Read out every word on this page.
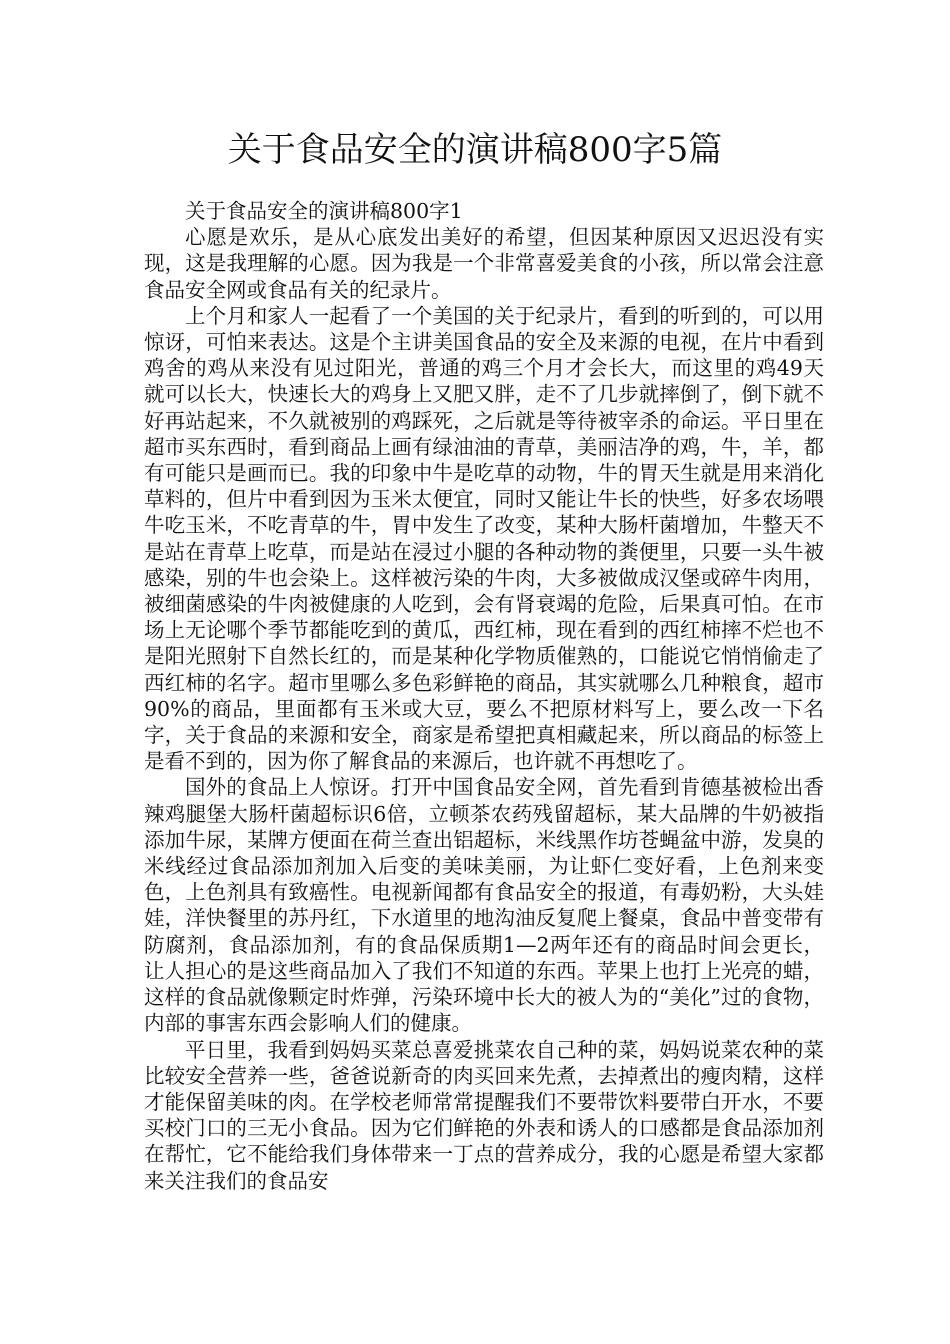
关于食品安全的演讲稿800字5篇

关于食品安全的演讲稿800字1

心愿是欢乐，是从心底发出美好的希望，但因某种原因又迟迟没有实现，这是我理解的心愿。因为我是一个非常喜爱美食的小孩，所以常会注意食品安全网或食品有关的纪录片。

上个月和家人一起看了一个美国的关于纪录片，看到的听到的，可以用惊讶，可怕来表达。这是个主讲美国食品的安全及来源的电视，在片中看到鸡舍的鸡从来没有见过阳光，普通的鸡三个月才会长大，而这里的鸡49天就可以长大，快速长大的鸡身上又肥又胖，走不了几步就摔倒了，倒下就不好再站起来，不久就被别的鸡踩死，之后就是等待被宰杀的命运。平日里在超市买东西时，看到商品上画有绿油油的青草，美丽洁净的鸡，牛，羊，都有可能只是画而已。我的印象中牛是吃草的动物，牛的胃天生就是用来消化草料的，但片中看到因为玉米太便宜，同时又能让牛长的快些，好多农场喂牛吃玉米，不吃青草的牛，胃中发生了改变，某种大肠杆菌增加，牛整天不是站在青草上吃草，而是站在浸过小腿的各种动物的粪便里，只要一头牛被感染，别的牛也会染上。这样被污染的牛肉，大多被做成汉堡或碎牛肉用，被细菌感染的牛肉被健康的人吃到，会有肾衰竭的危险，后果真可怕。在市场上无论哪个季节都能吃到的黄瓜，西红柿，现在看到的西红柿摔不烂也不是阳光照射下自然长红的，而是某种化学物质催熟的，口能说它悄悄偷走了西红柿的名字。超市里哪么多色彩鲜艳的商品，其实就哪么几种粮食，超市90%的商品，里面都有玉米或大豆，要么不把原材料写上，要么改一下名字，关于食品的来源和安全，商家是希望把真相藏起来，所以商品的标签上是看不到的，因为你了解食品的来源后，也许就不再想吃了。

国外的食品上人惊讶。打开中国食品安全网，首先看到肯德基被检出香辣鸡腿堡大肠杆菌超标识6倍，立顿茶农药残留超标，某大品牌的牛奶被指添加牛尿，某牌方便面在荷兰查出铝超标，米线黑作坊苍蝇盆中游，发臭的米线经过食品添加剂加入后变的美味美丽，为让虾仁变好看，上色剂来变色，上色剂具有致癌性。电视新闻都有食品安全的报道，有毒奶粉，大头娃娃，洋快餐里的苏丹红，下水道里的地沟油反复爬上餐桌，食品中普变带有防腐剂，食品添加剂，有的食品保质期1—2两年还有的商品时间会更长，让人担心的是这些商品加入了我们不知道的东西。苹果上也打上光亮的蜡，这样的食品就像颗定时炸弹，污染环境中长大的被人为的“美化”过的食物，内部的事害东西会影响人们的健康。

平日里，我看到妈妈买菜总喜爱挑菜农自己种的菜，妈妈说菜农种的菜比较安全营养一些，爸爸说新奇的肉买回来先煮，去掉煮出的瘦肉精，这样才能保留美味的肉。在学校老师常常提醒我们不要带饮料要带白开水，不要买校门口的三无小食品。因为它们鲜艳的外表和诱人的口感都是食品添加剂在帮忙，它不能给我们身体带来一丁点的营养成分，我的心愿是希望大家都来关注我们的食品安
